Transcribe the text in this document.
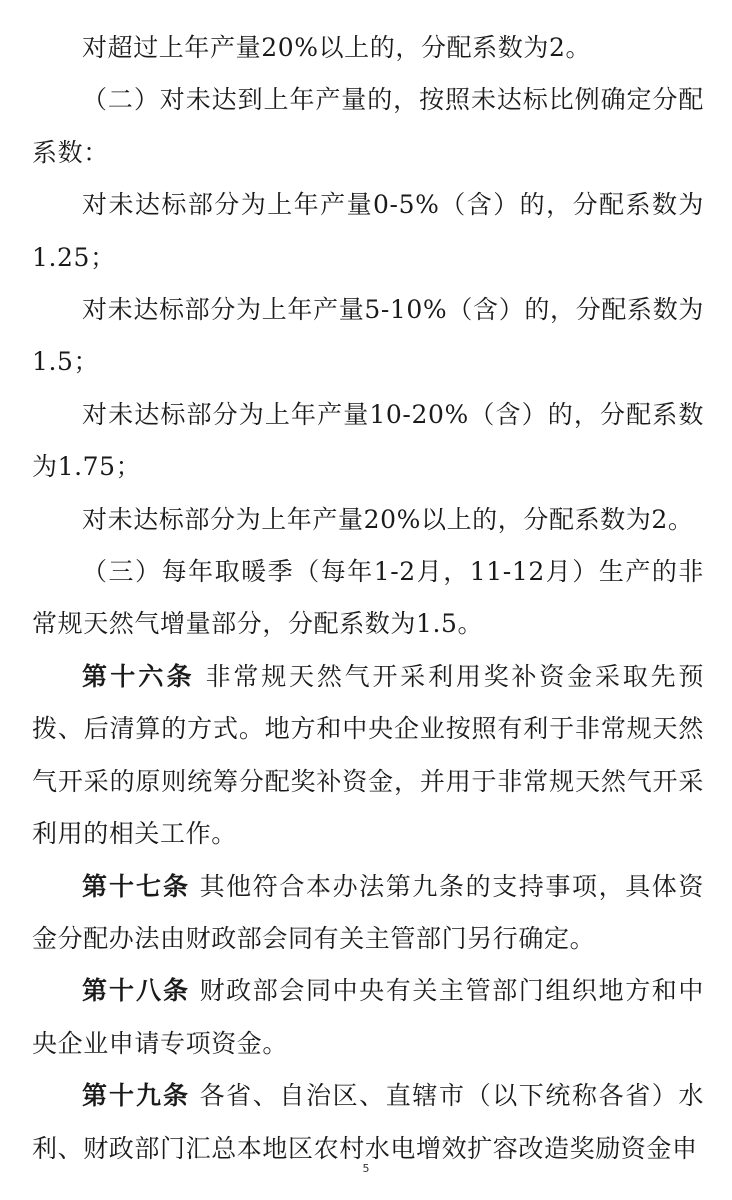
对超过上年产量20%以上的，分配系数为2。

（二）对未达到上年产量的，按照未达标比例确定分配系数：

对未达标部分为上年产量0-5%（含）的，分配系数为1.25；

对未达标部分为上年产量5-10%（含）的，分配系数为1.5；

对未达标部分为上年产量10-20%（含）的，分配系数为1.75；

对未达标部分为上年产量20%以上的，分配系数为2。

（三）每年取暖季（每年1-2月，11-12月）生产的非常规天然气增量部分，分配系数为1.5。

第十六条 非常规天然气开采利用奖补资金采取先预拨、后清算的方式。地方和中央企业按照有利于非常规天然气开采的原则统筹分配奖补资金，并用于非常规天然气开采利用的相关工作。

第十七条 其他符合本办法第九条的支持事项，具体资金分配办法由财政部会同有关主管部门另行确定。

第十八条 财政部会同中央有关主管部门组织地方和中央企业申请专项资金。

第十九条 各省、自治区、直辖市（以下统称各省）水利、财政部门汇总本地区农村水电增效扩容改造奖励资金申

5
